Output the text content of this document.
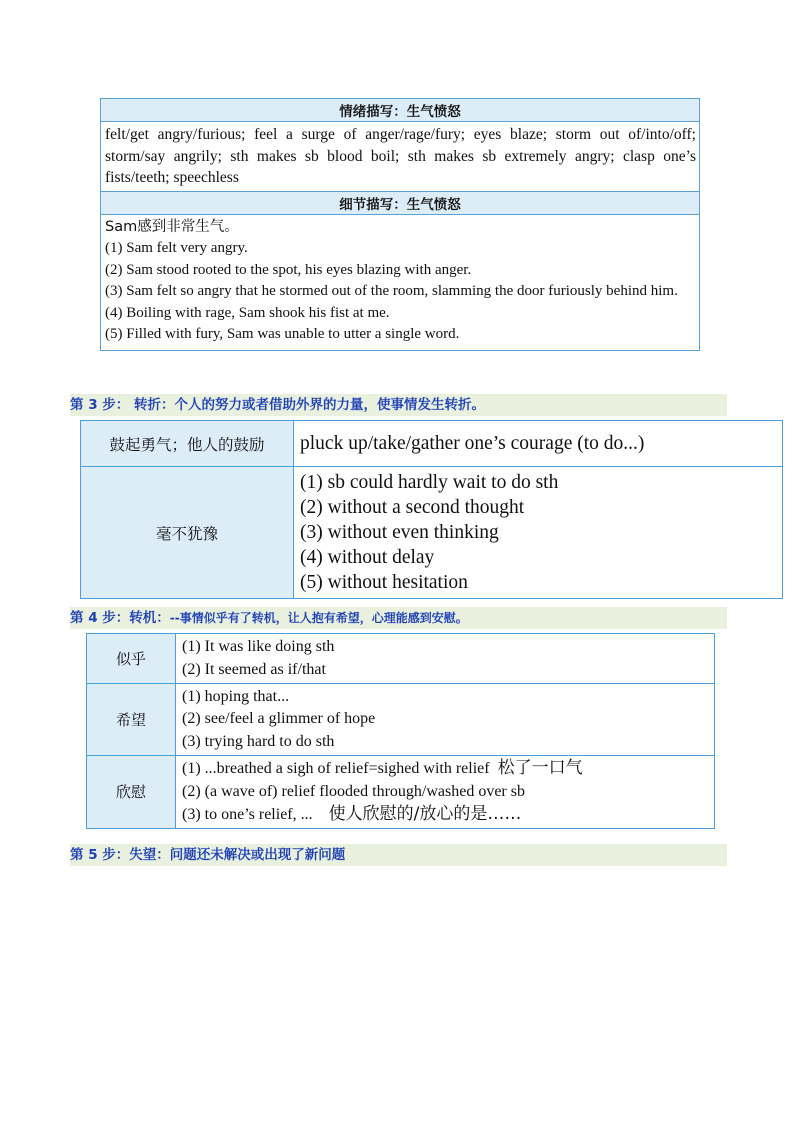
情绪描写：生气愤怒
felt/get angry/furious; feel a surge of anger/rage/fury; eyes blaze; storm out of/into/off; storm/say angrily; sth makes sb blood boil; sth makes sb extremely angry; clasp one’s fists/teeth; speechless
细节描写：生气愤怒

Sam感到非常生气。
(1) Sam felt very angry.
(2) Sam stood rooted to the spot, his eyes blazing with anger.
(3) Sam felt so angry that he stormed out of the room, slamming the door furiously behind him.
(4) Boiling with rage, Sam shook his fist at me.
(5) Filled with fury, Sam was unable to utter a single word.
第 3 步： 转折：个人的努力或者借助外界的力量，使事情发生转折。
鼓起勇气；他人的鼓励	pluck up/take/gather one’s courage (to do...)

毫不犹豫	(1) sb could hardly wait to do sth
(2) without a second thought
(3) without even thinking
(4) without delay
(5) without hesitation
第 4 步：转机：--事情似乎有了转机，让人抱有希望，心理能感到安慰。
似乎	(1) It was like doing sth
(2) It seemed as if/that

希望	(1) hoping that...
(2) see/feel a glimmer of hope
(3) trying hard to do sth

欣慰	(1) ...breathed a sigh of relief=sighed with relief 松了一口气
(2) (a wave of) relief flooded through/washed over sb
(3) to one’s relief, ... 使人欣慰的/放心的是……
第 5 步：失望：问题还未解决或出现了新问题
